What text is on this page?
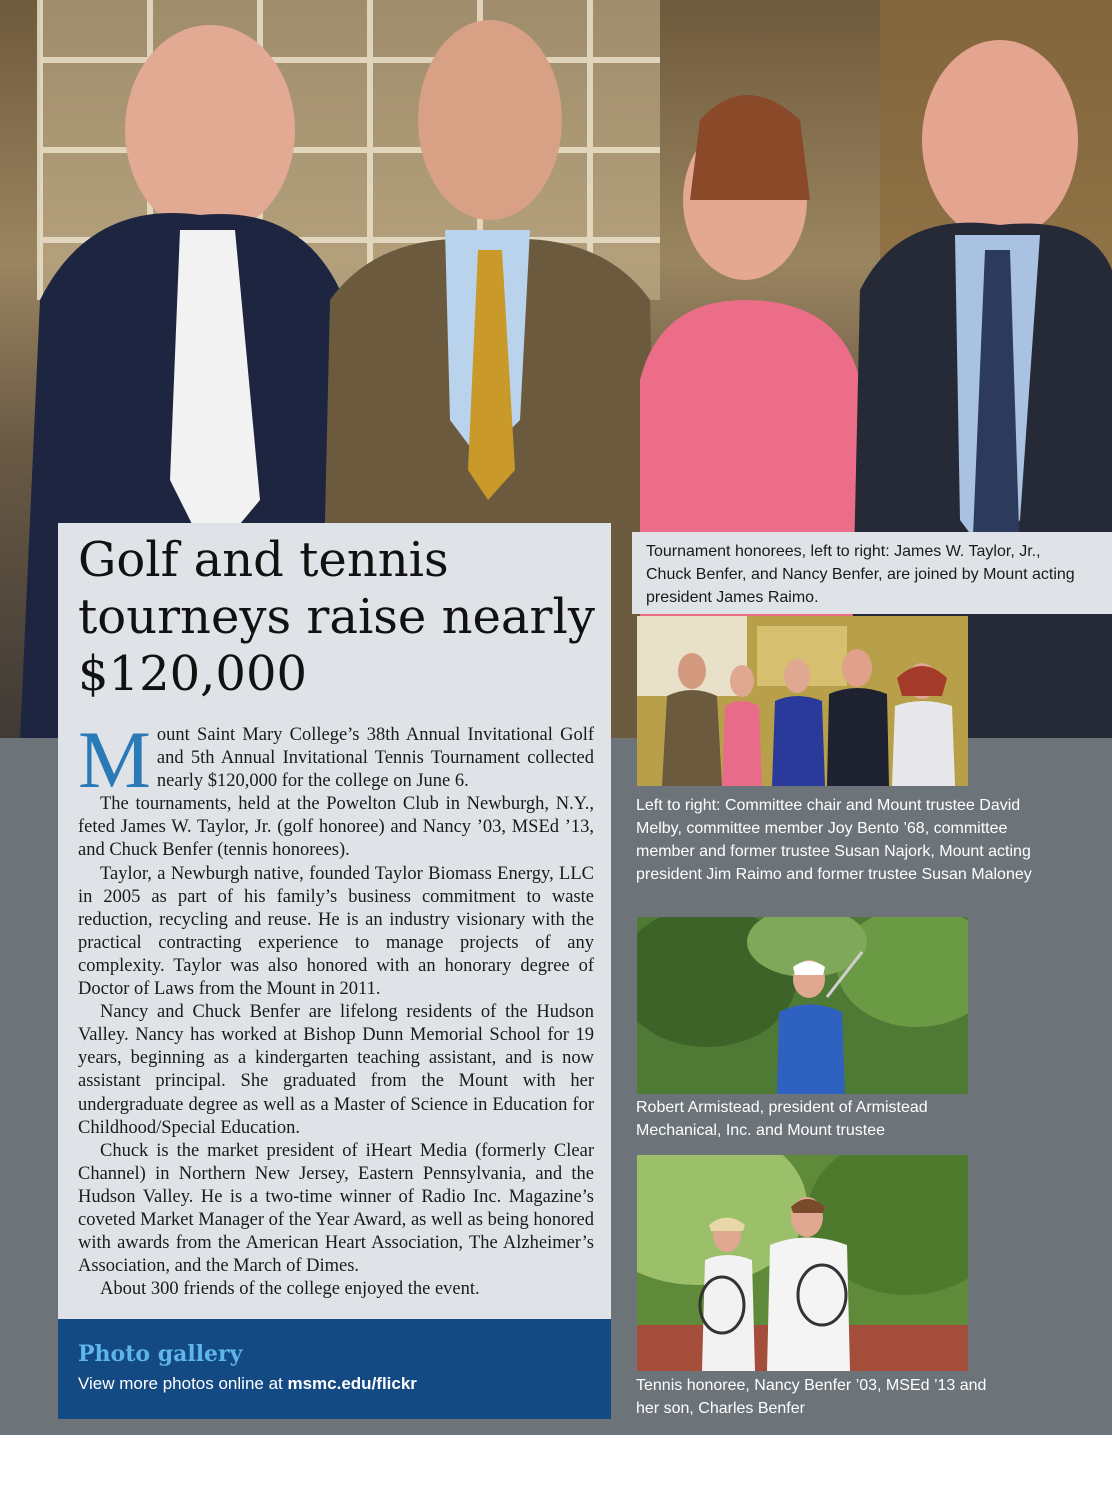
Golf and tennis tourneys raise nearly $120,000

Mount Saint Mary College’s 38th Annual Invitational Golf and 5th Annual Invitational Tennis Tournament collected nearly $120,000 for the college on June 6.

The tournaments, held at the Powelton Club in Newburgh, N.Y., feted James W. Taylor, Jr. (golf honoree) and Nancy ’03, MSEd ’13, and Chuck Benfer (tennis honorees).

Taylor, a Newburgh native, founded Taylor Biomass Energy, LLC in 2005 as part of his family’s business commitment to waste reduction, recycling and reuse. He is an industry visionary with the practical contracting experience to manage projects of any complexity. Taylor was also honored with an honorary degree of Doctor of Laws from the Mount in 2011.

Nancy and Chuck Benfer are lifelong residents of the Hudson Valley. Nancy has worked at Bishop Dunn Memorial School for 19 years, beginning as a kindergarten teaching assistant, and is now assistant principal. She graduated from the Mount with her undergraduate degree as well as a Master of Science in Education for Childhood/Special Education.

Chuck is the market president of iHeart Media (formerly Clear Channel) in Northern New Jersey, Eastern Pennsylvania, and the Hudson Valley. He is a two-time winner of Radio Inc. Magazine’s coveted Market Manager of the Year Award, as well as being honored with awards from the American Heart Association, The Alzheimer’s Association, and the March of Dimes.

About 300 friends of the college enjoyed the event.

Photo gallery
View more photos online at msmc.edu/flickr
Tournament honorees, left to right: James W. Taylor, Jr., Chuck Benfer, and Nancy Benfer, are joined by Mount acting president James Raimo.
Left to right: Committee chair and Mount trustee David Melby, committee member Joy Bento ’68, committee member and former trustee Susan Najork, Mount acting president Jim Raimo and former trustee Susan Maloney
Robert Armistead, president of Armistead Mechanical, Inc. and Mount trustee
Tennis honoree, Nancy Benfer ’03, MSEd ’13 and her son, Charles Benfer
40 MOUNT SAINT MARY COLLEGE MAGAZINE | SUMMER 2016
